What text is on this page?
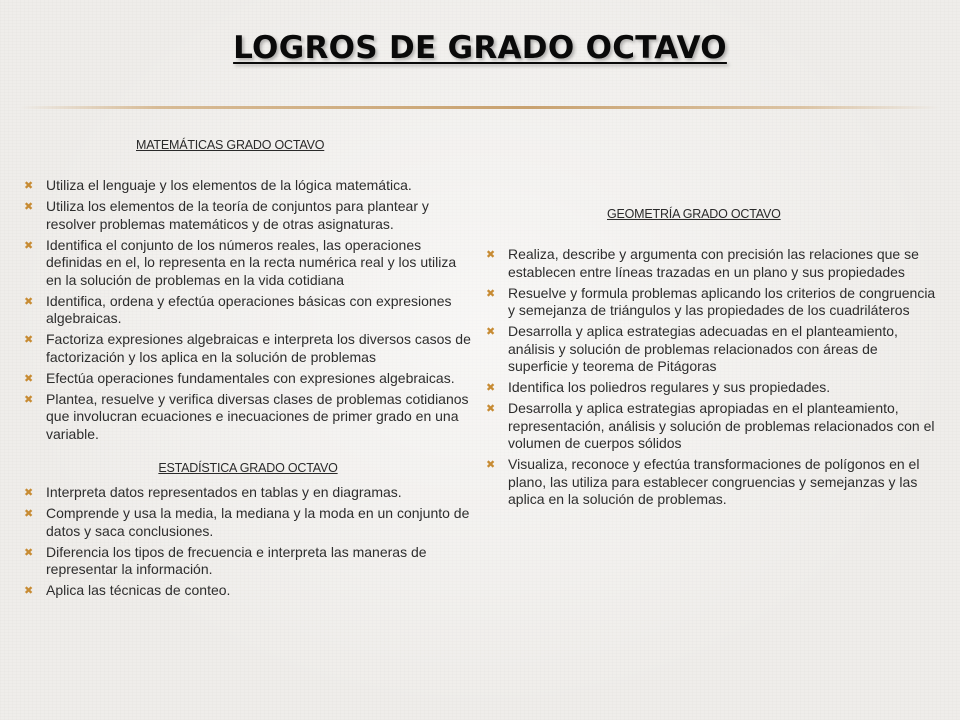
LOGROS DE GRADO OCTAVO
MATEMÁTICAS GRADO OCTAVO
✖ Utiliza el lenguaje y los elementos de la lógica matemática.
✖ Utiliza los elementos de la teoría de conjuntos para plantear y resolver problemas matemáticos y de otras asignaturas.
✖ Identifica el conjunto de los números reales, las operaciones definidas en el, lo representa en la recta numérica real y los utiliza en la solución de problemas en la vida cotidiana
✖ Identifica, ordena y efectúa operaciones básicas con expresiones algebraicas.
✖ Factoriza expresiones algebraicas e interpreta los diversos casos de factorización y los aplica en la solución de problemas
✖ Efectúa operaciones fundamentales con expresiones algebraicas.
✖ Plantea, resuelve y verifica diversas clases de problemas cotidianos que involucran ecuaciones e inecuaciones de primer grado en una variable.
ESTADÍSTICA GRADO OCTAVO
✖ Interpreta datos representados en tablas y en diagramas.
✖ Comprende y usa la media, la mediana y la moda en un conjunto de datos y saca conclusiones.
✖ Diferencia los tipos de frecuencia e interpreta las maneras de representar la información.
✖ Aplica las técnicas de conteo.
GEOMETRÍA GRADO OCTAVO
✖ Realiza, describe y argumenta con precisión las relaciones que se establecen entre líneas trazadas en un plano y sus propiedades
✖ Resuelve y formula problemas aplicando los criterios de congruencia y semejanza de triángulos y las propiedades de los cuadriláteros
✖ Desarrolla y aplica estrategias adecuadas en el planteamiento, análisis y solución de problemas relacionados con áreas de superficie y teorema de Pitágoras
✖ Identifica los poliedros regulares y sus propiedades.
✖ Desarrolla y aplica estrategias apropiadas en el planteamiento, representación, análisis y solución de problemas relacionados con el volumen de cuerpos sólidos
✖ Visualiza, reconoce y efectúa transformaciones de polígonos en el plano, las utiliza para establecer congruencias y semejanzas y las aplica en la solución de problemas.
